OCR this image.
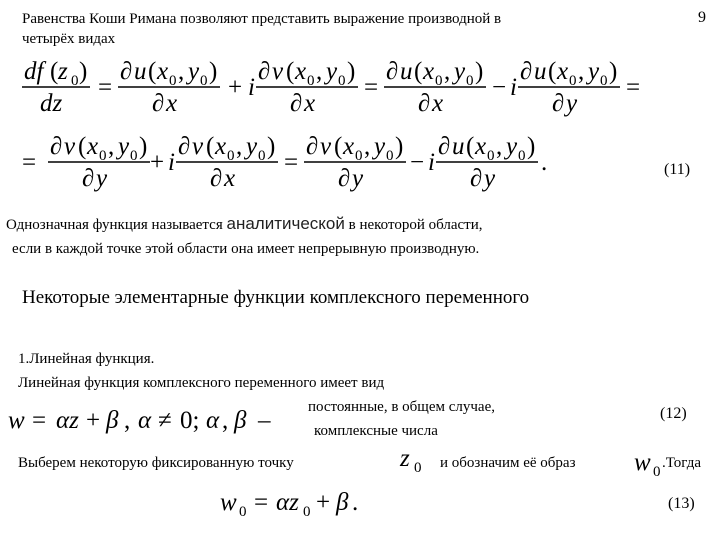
9
Равенства Коши Римана позволяют представить выражение производной в
четырёх видах
df ( z 0 )
dz
=
∂ u ( x 0 , y 0 )
∂ x
+ i
∂ v ( x 0 , y 0 )
∂ x
=
∂ u ( x 0 , y 0 )
∂ x
− i
∂ u ( x 0 , y 0 )
∂ y
=
=
∂ v ( x 0 , y 0 )
∂ y
+ i
∂ v ( x 0 , y 0 )
∂ x
=
∂ v ( x 0 , y 0 )
∂ y
− i
∂ u ( x 0 , y 0 )
∂ y
.	(11)
Однозначная функция называется аналитической в некоторой области,
если в каждой точке этой области она имеет непрерывную производную.
Некоторые элементарные функции комплексного переменного
1.Линейная функция.
Линейная функция комплексного переменного имеет вид
w = αz + β , α ≠ 0; α , β –	постоянные, в общем случае,
комплексные числа
(12)
Выберем некоторую фиксированную точку	z 0 и обозначим её образ w 0
.Тогда
w 0 = αz 0 + β .	(13)
